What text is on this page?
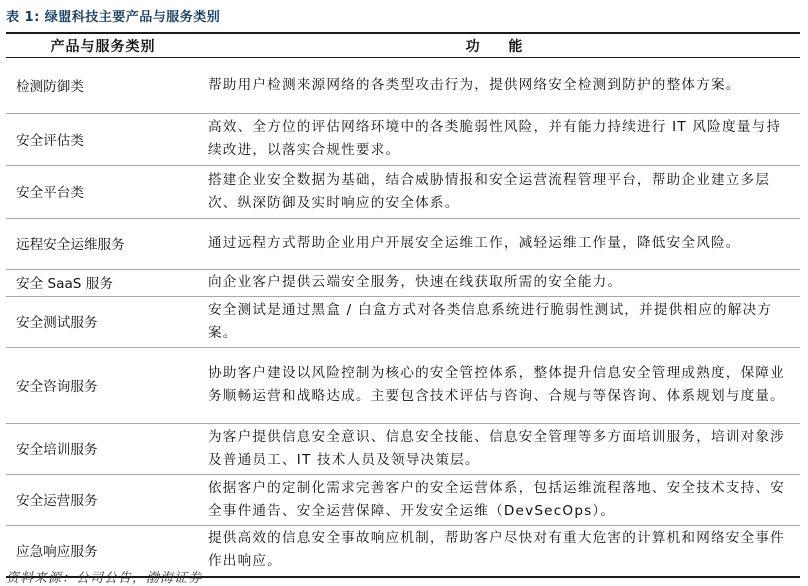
表 1: 绿盟科技主要产品与服务类别
产品与服务类别	功 能
检测防御类	帮助用户检测来源网络的各类型攻击行为，提供网络安全检测到防护的整体方案。
安全评估类	高效、全方位的评估网络环境中的各类脆弱性风险，并有能力持续进行 IT 风险度量与持续改进，以落实合规性要求。
安全平台类	搭建企业安全数据为基础，结合威胁情报和安全运营流程管理平台，帮助企业建立多层次、纵深防御及实时响应的安全体系。
远程安全运维服务	通过远程方式帮助企业用户开展安全运维工作，减轻运维工作量，降低安全风险。
安全 SaaS 服务	向企业客户提供云端安全服务，快速在线获取所需的安全能力。
安全测试服务	安全测试是通过黑盒 / 白盒方式对各类信息系统进行脆弱性测试，并提供相应的解决方案。
安全咨询服务	协助客户建设以风险控制为核心的安全管控体系，整体提升信息安全管理成熟度，保障业务顺畅运营和战略达成。主要包含技术评估与咨询、合规与等保咨询、体系规划与度量。
安全培训服务	为客户提供信息安全意识、信息安全技能、信息安全管理等多方面培训服务，培训对象涉及普通员工、IT 技术人员及领导决策层。
安全运营服务	依据客户的定制化需求完善客户的安全运营体系，包括运维流程落地、安全技术支持、安全事件通告、安全运营保障、开发安全运维（DevSecOps）。
应急响应服务	提供高效的信息安全事故响应机制，帮助客户尽快对有重大危害的计算机和网络安全事件作出响应。
资料来源：公司公告，渤海证券
